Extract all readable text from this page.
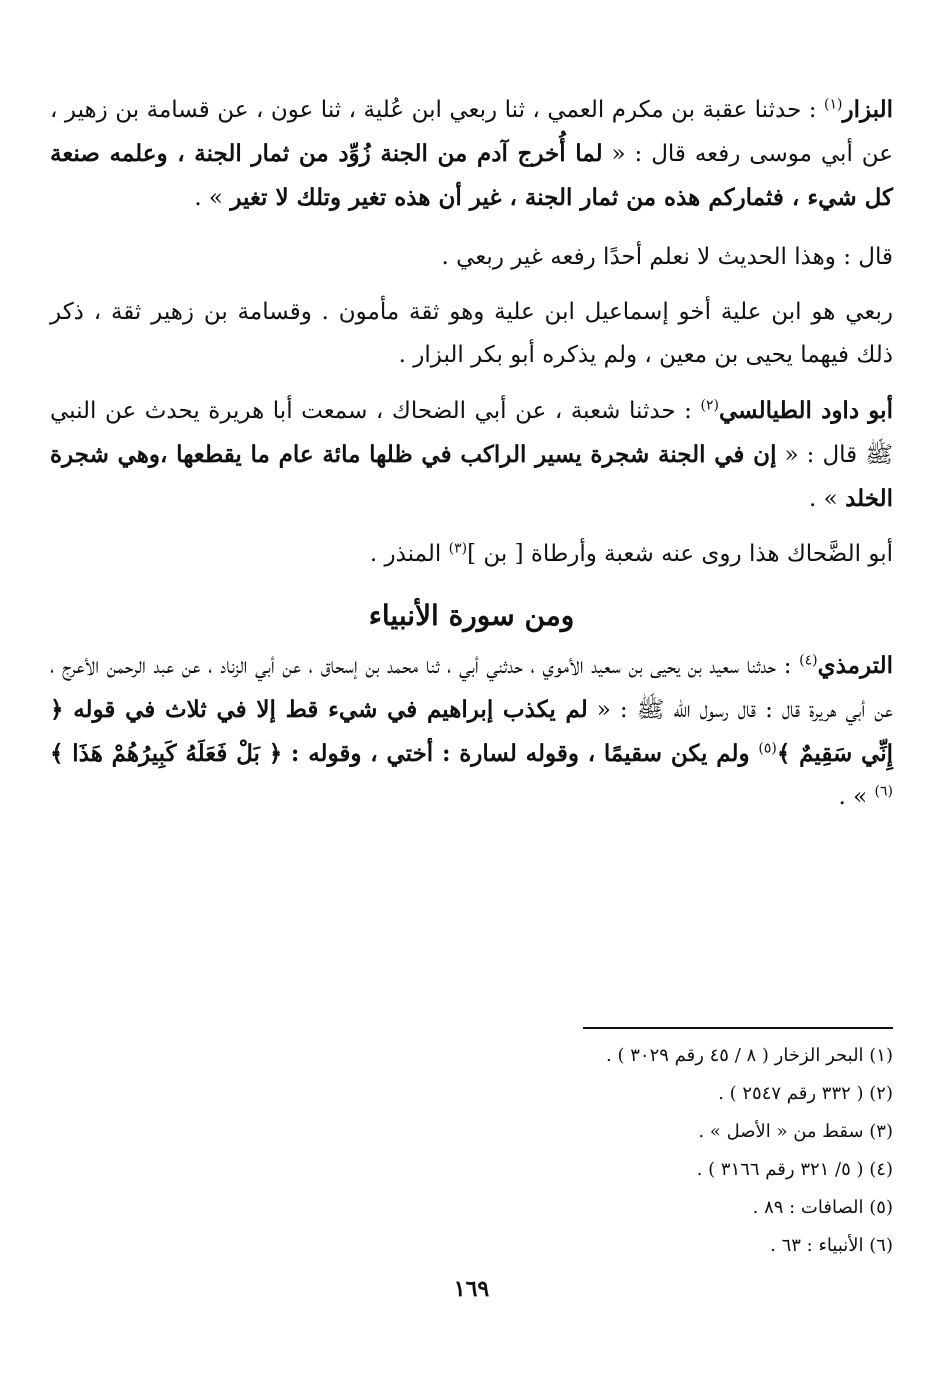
البزار$^{(١)}$ : حدثنا عقبة بن مكرم العمي ، ثنا ربعي ابن عُلية ، ثنا عون ، عن قسامة بن زهير ، عن أبي موسى رفعه قال : « لما أُخرج آدم من الجنة زُوِّد من ثمار الجنة ، وعلمه صنعة كل شيء ، فثماركم هذه من ثمار الجنة ، غير أن هذه تغير وتلك لا تغير » .

قال : وهذا الحديث لا نعلم أحدًا رفعه غير ربعي .

ربعي هو ابن علية أخو إسماعيل ابن علية وهو ثقة مأمون . وقسامة بن زهير ثقة ، ذكر ذلك فيهما يحيى بن معين ، ولم يذكره أبو بكر البزار .

أبو داود الطيالسي$^{(٢)}$ : حدثنا شعبة ، عن أبي الضحاك ، سمعت أبا هريرة يحدث عن النبي ﷺ قال : « إن في الجنة شجرة يسير الراكب في ظلها مائة عام ما يقطعها ،وهي شجرة الخلد » .

أبو الضَّحاك هذا روى عنه شعبة وأرطاة [ بن ]$^{(٣)}$ المنذر .

ومن سورة الأنبياء

الترمذي$^{(٤)}$ : حدثنا سعيد بن يحيى بن سعيد الأموي ، حدثني أبي ، ثنا محمد بن إسحاق ، عن أبي الزناد ، عن عبد الرحمن الأعرج ، عن أبي هريرة قال : قال رسول الله ﷺ : « لم يكذب إبراهيم في شيء قط إلا في ثلاث في قوله ﴿ إِنِّي سَقِيمٌ ﴾$^{(٥)}$ ولم يكن سقيمًا ، وقوله لسارة : أختي ، وقوله : ﴿ بَلْ فَعَلَهُ كَبِيرُهُمْ هَذَا ﴾$^{(٦)}$ » .

(١) البحر الزخار ( ٨ / ٤٥ رقم ٣٠٢٩ ) .
(٢) ( ٣٣٢ رقم ٢٥٤٧ ) .
(٣) سقط من « الأصل » .
(٤) ( ٥/ ٣٢١ رقم ٣١٦٦ ) .
(٥) الصافات : ٨٩ .
(٦) الأنبياء : ٦٣ .
١٦٩
